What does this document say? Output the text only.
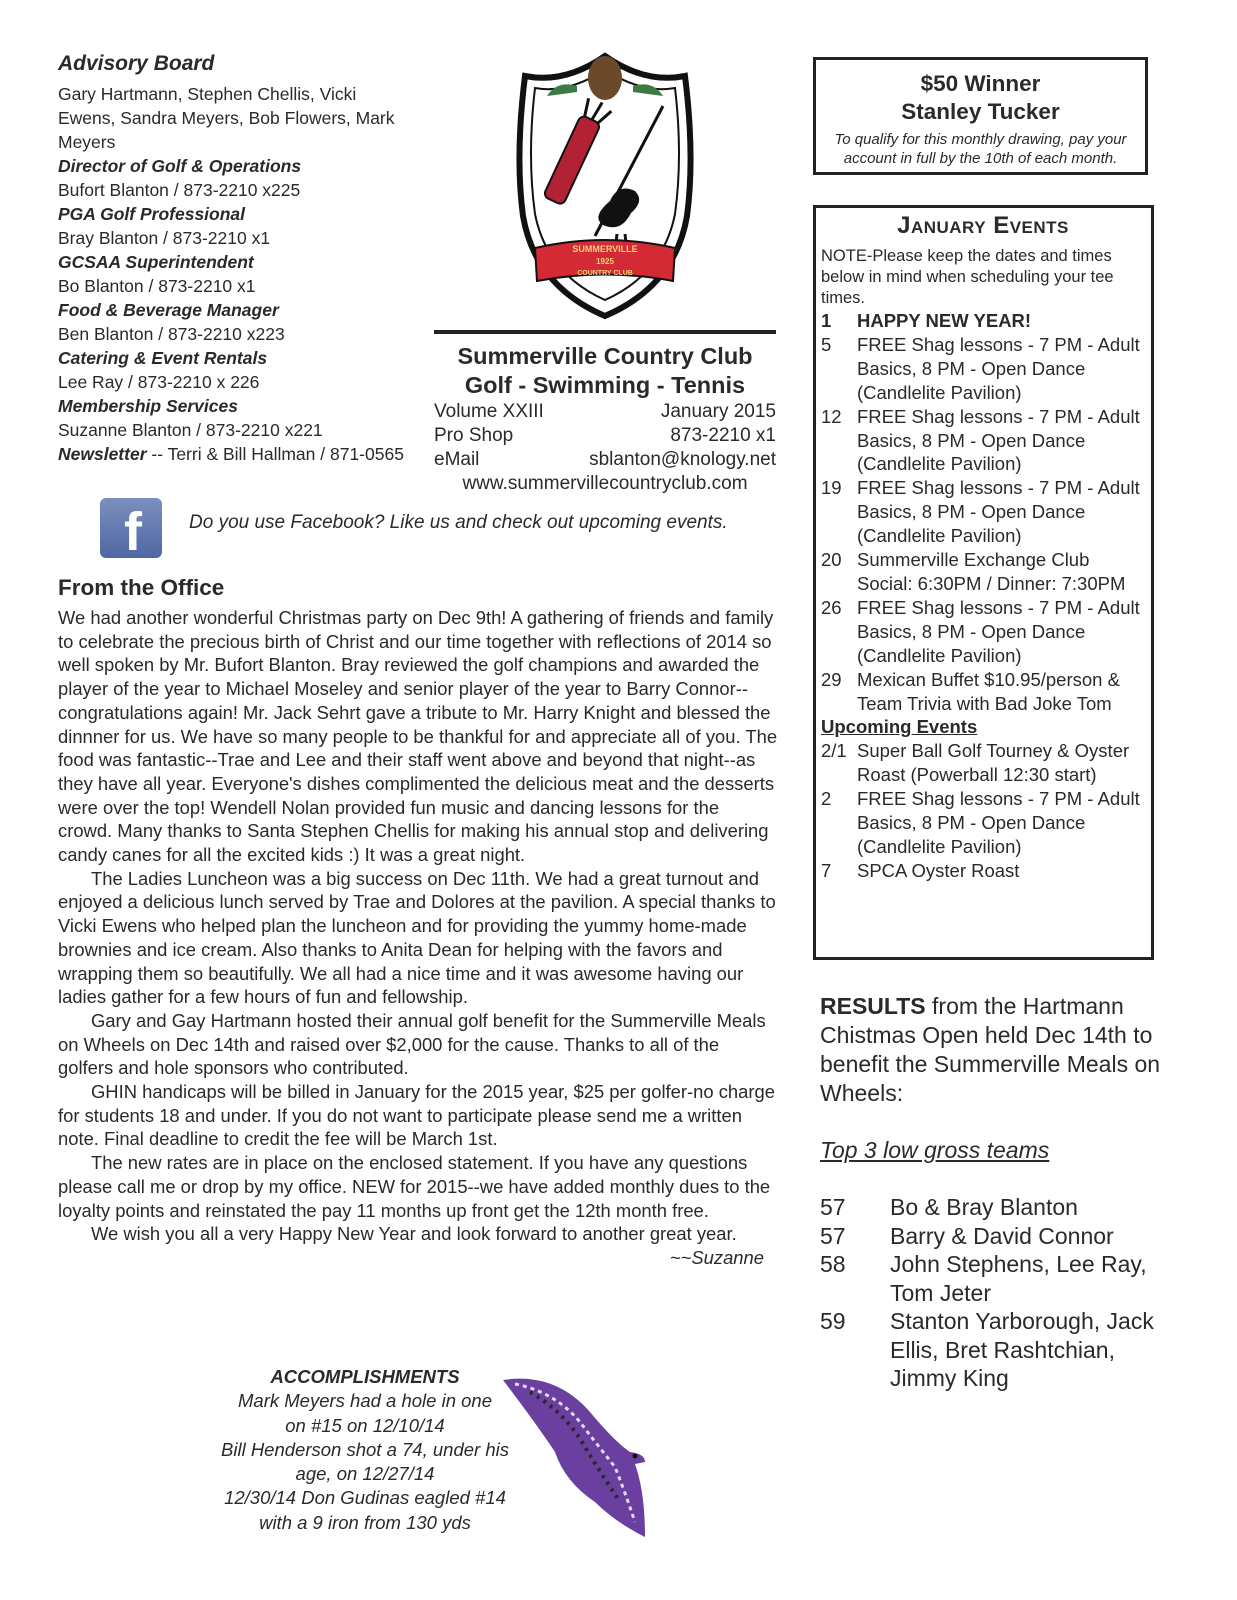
Advisory Board
Gary Hartmann, Stephen Chellis, Vicki Ewens, Sandra Meyers, Bob Flowers, Mark Meyers
Director of Golf & Operations
Bufort Blanton / 873-2210 x225
PGA Golf Professional
Bray Blanton / 873-2210 x1
GCSAA Superintendent
Bo Blanton / 873-2210 x1
Food & Beverage Manager
Ben Blanton / 873-2210 x223
Catering & Event Rentals
Lee Ray / 873-2210 x 226
Membership Services
Suzanne Blanton / 873-2210 x221
Newsletter -- Terri & Bill Hallman / 871-0565
SUMMERVILLE
1925
COUNTRY CLUB
Summerville Country Club
Golf - Swimming - Tennis
Volume XXIII	January 2015
Pro Shop	873-2210 x1
eMail	sblanton@knology.net
www.summervillecountryclub.com
f Do you use Facebook? Like us and check out upcoming events.
From the Office

We had another wonderful Christmas party on Dec 9th! A gathering of friends and family to celebrate the precious birth of Christ and our time together with reflections of 2014 so well spoken by Mr. Bufort Blanton. Bray reviewed the golf champions and awarded the player of the year to Michael Moseley and senior player of the year to Barry Connor--congratulations again! Mr. Jack Sehrt gave a tribute to Mr. Harry Knight and blessed the dinnner for us. We have so many people to be thankful for and appreciate all of you. The food was fantastic--Trae and Lee and their staff went above and beyond that night--as they have all year. Everyone's dishes complimented the delicious meat and the desserts were over the top! Wendell Nolan provided fun music and dancing lessons for the crowd. Many thanks to Santa Stephen Chellis for making his annual stop and delivering candy canes for all the excited kids :) It was a great night.

The Ladies Luncheon was a big success on Dec 11th. We had a great turnout and enjoyed a delicious lunch served by Trae and Dolores at the pavilion. A special thanks to Vicki Ewens who helped plan the luncheon and for providing the yummy home-made brownies and ice cream. Also thanks to Anita Dean for helping with the favors and wrapping them so beautifully. We all had a nice time and it was awesome having our ladies gather for a few hours of fun and fellowship.

Gary and Gay Hartmann hosted their annual golf benefit for the Summerville Meals on Wheels on Dec 14th and raised over $2,000 for the cause. Thanks to all of the golfers and hole sponsors who contributed.

GHIN handicaps will be billed in January for the 2015 year, $25 per golfer-no charge for students 18 and under. If you do not want to participate please send me a written note. Final deadline to credit the fee will be March 1st.

The new rates are in place on the enclosed statement. If you have any questions please call me or drop by my office. NEW for 2015--we have added monthly dues to the loyalty points and reinstated the pay 11 months up front get the 12th month free.

We wish you all a very Happy New Year and look forward to another great year.
~~Suzanne

ACCOMPLISHMENTS
Mark Meyers had a hole in one
on #15 on 12/10/14
Bill Henderson shot a 74, under his
age, on 12/27/14
12/30/14 Don Gudinas eagled #14
with a 9 iron from 130 yds
$50 Winner
Stanley Tucker
To qualify for this monthly drawing, pay your account in full by the 10th of each month.
January Events
NOTE-Please keep the dates and times below in mind when scheduling your tee times.
1	HAPPY NEW YEAR!
5	FREE Shag lessons - 7 PM - Adult Basics, 8 PM - Open Dance (Candlelite Pavilion)
12 FREE Shag lessons - 7 PM - Adult Basics, 8 PM - Open Dance (Candlelite Pavilion)
19 FREE Shag lessons - 7 PM - Adult Basics, 8 PM - Open Dance (Candlelite Pavilion)
20 Summerville Exchange Club Social: 6:30PM / Dinner: 7:30PM
26 FREE Shag lessons - 7 PM - Adult Basics, 8 PM - Open Dance (Candlelite Pavilion)
29 Mexican Buffet $10.95/person & Team Trivia with Bad Joke Tom
Upcoming Events
2/1 Super Ball Golf Tourney & Oyster Roast (Powerball 12:30 start)
2	FREE Shag lessons - 7 PM - Adult Basics, 8 PM - Open Dance (Candlelite Pavilion)
7	SPCA Oyster Roast
RESULTS from the Hartmann Chistmas Open held Dec 14th to benefit the Summerville Meals on Wheels:
Top 3 low gross teams
57	Bo & Bray Blanton
57	Barry & David Connor
58	John Stephens, Lee Ray, Tom Jeter
59	Stanton Yarborough, Jack Ellis, Bret Rashtchian, Jimmy King
